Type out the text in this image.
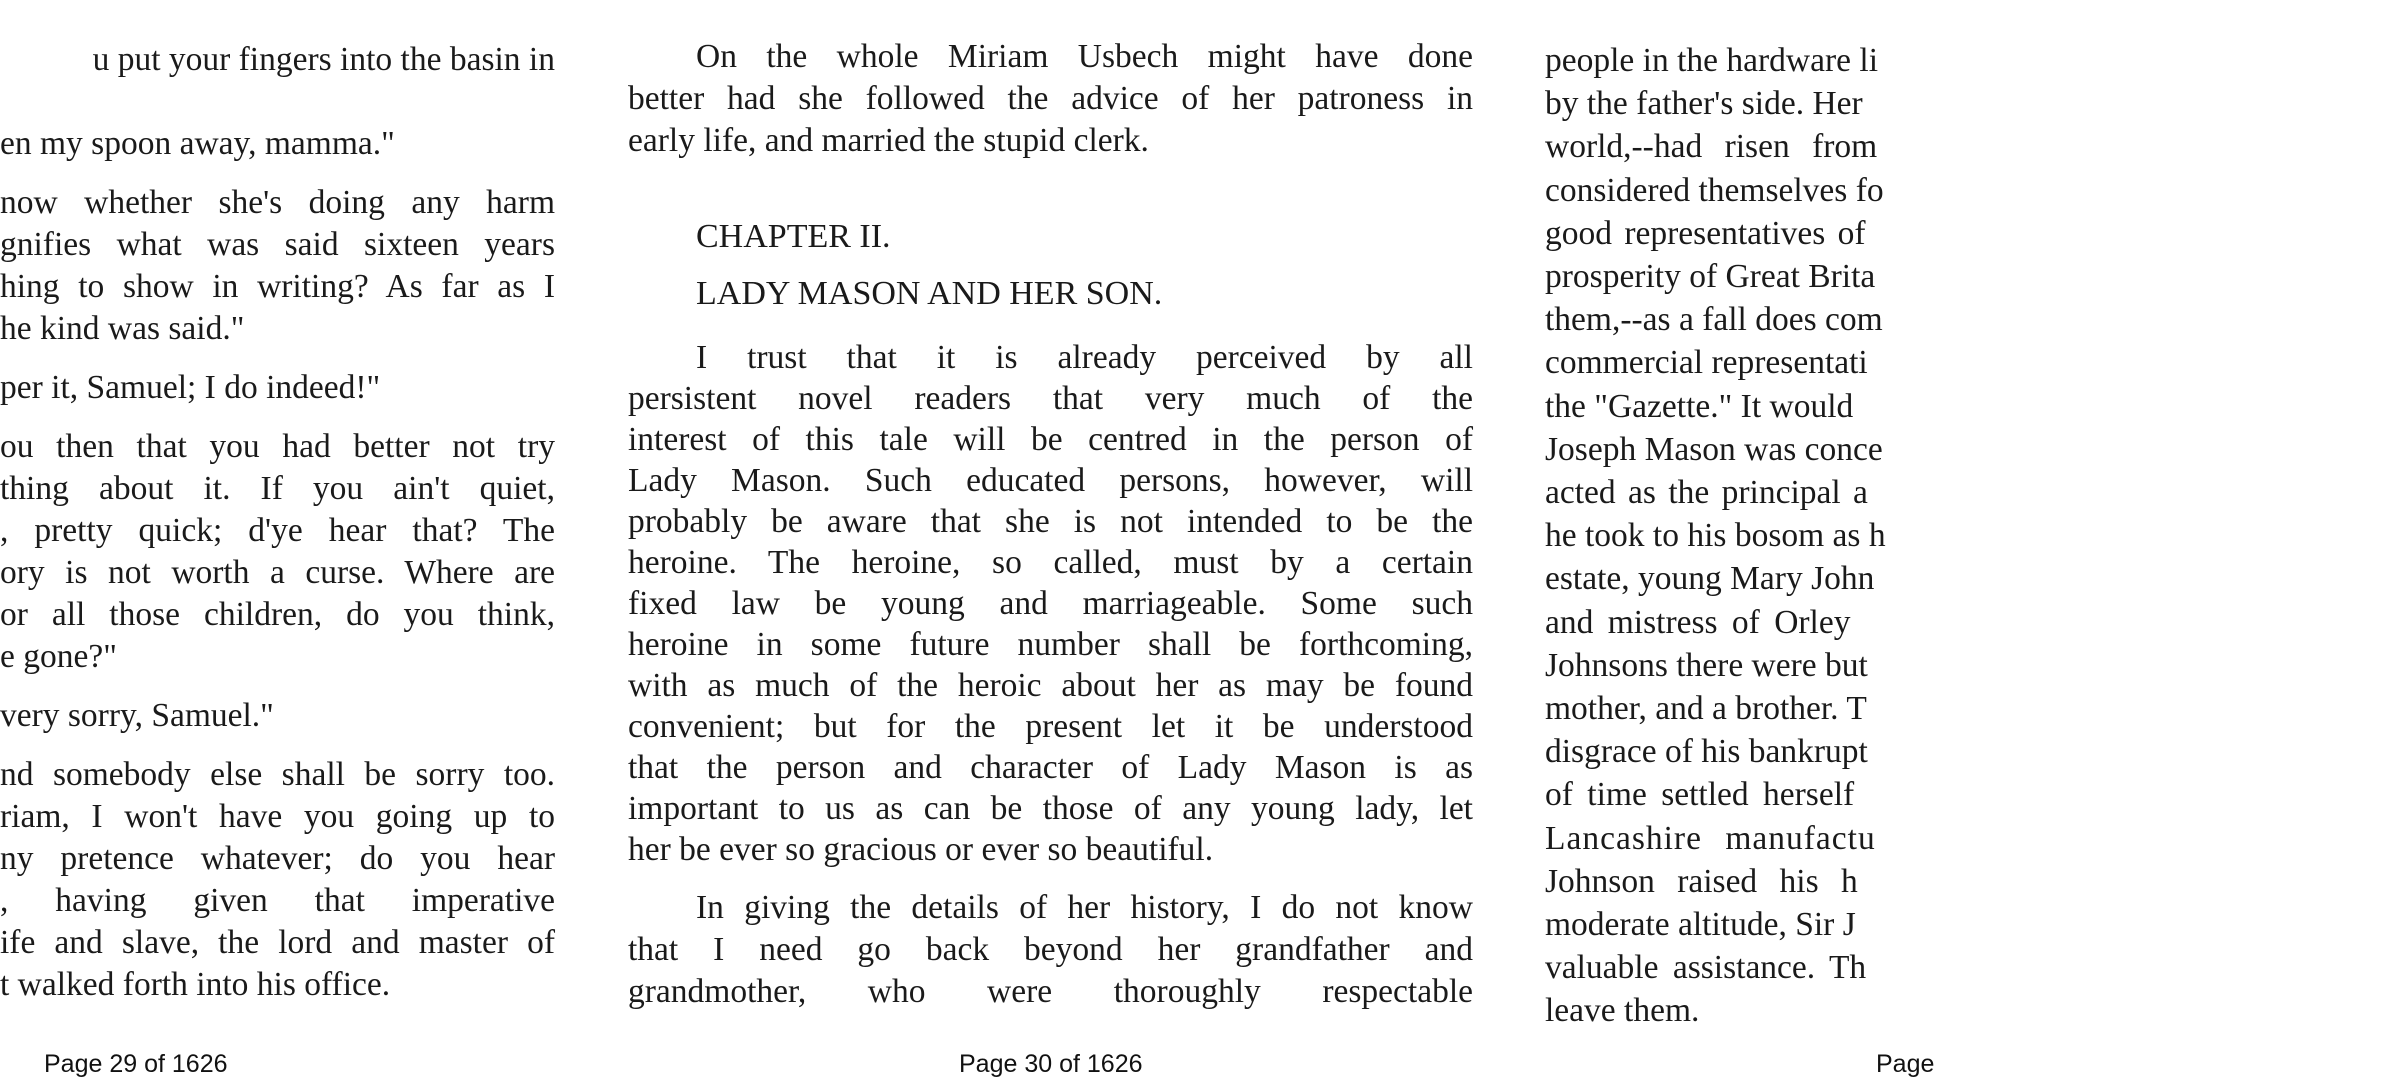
u put your fingers into the basin in

en my spoon away, mamma."

now whether she's doing any harm
gnifies what was said sixteen years
hing to show in writing? As far as I
he kind was said."

per it, Samuel; I do indeed!"

ou then that you had better not try
thing about it. If you ain't quiet,
, pretty quick; d'ye hear that? The
ory is not worth a curse. Where are
or all those children, do you think,
e gone?"

very sorry, Samuel."

nd somebody else shall be sorry too.
riam, I won't have you going up to
ny pretence whatever; do you hear
, having given that imperative
ife and slave, the lord and master of
t walked forth into his office.

Page 29 of 1626

On the whole Miriam Usbech might have done
better had she followed the advice of her patroness in
early life, and married the stupid clerk.

CHAPTER II.

LADY MASON AND HER SON.

I trust that it is already perceived by all
persistent novel readers that very much of the
interest of this tale will be centred in the person of
Lady Mason. Such educated persons, however, will
probably be aware that she is not intended to be the
heroine. The heroine, so called, must by a certain
fixed law be young and marriageable. Some such
heroine in some future number shall be forthcoming,
with as much of the heroic about her as may be found
convenient; but for the present let it be understood
that the person and character of Lady Mason is as
important to us as can be those of any young lady, let
her be ever so gracious or ever so beautiful.

In giving the details of her history, I do not know
that I need go back beyond her grandfather and
grandmother, who were thoroughly respectable

Page 30 of 1626

people in the hardware li
by the father's side. Her
world,--had risen from
considered themselves fo
good representatives of
prosperity of Great Brita
them,--as a fall does com
commercial representati
the "Gazette." It would
Joseph Mason was conce
acted as the principal a
he took to his bosom as h
estate, young Mary John
and mistress of Orley
Johnsons there were but
mother, and a brother. T
disgrace of his bankrupt
of time settled herself
Lancashire manufactu
Johnson raised his h
moderate altitude, Sir J
valuable assistance. Th
leave them.

Page
